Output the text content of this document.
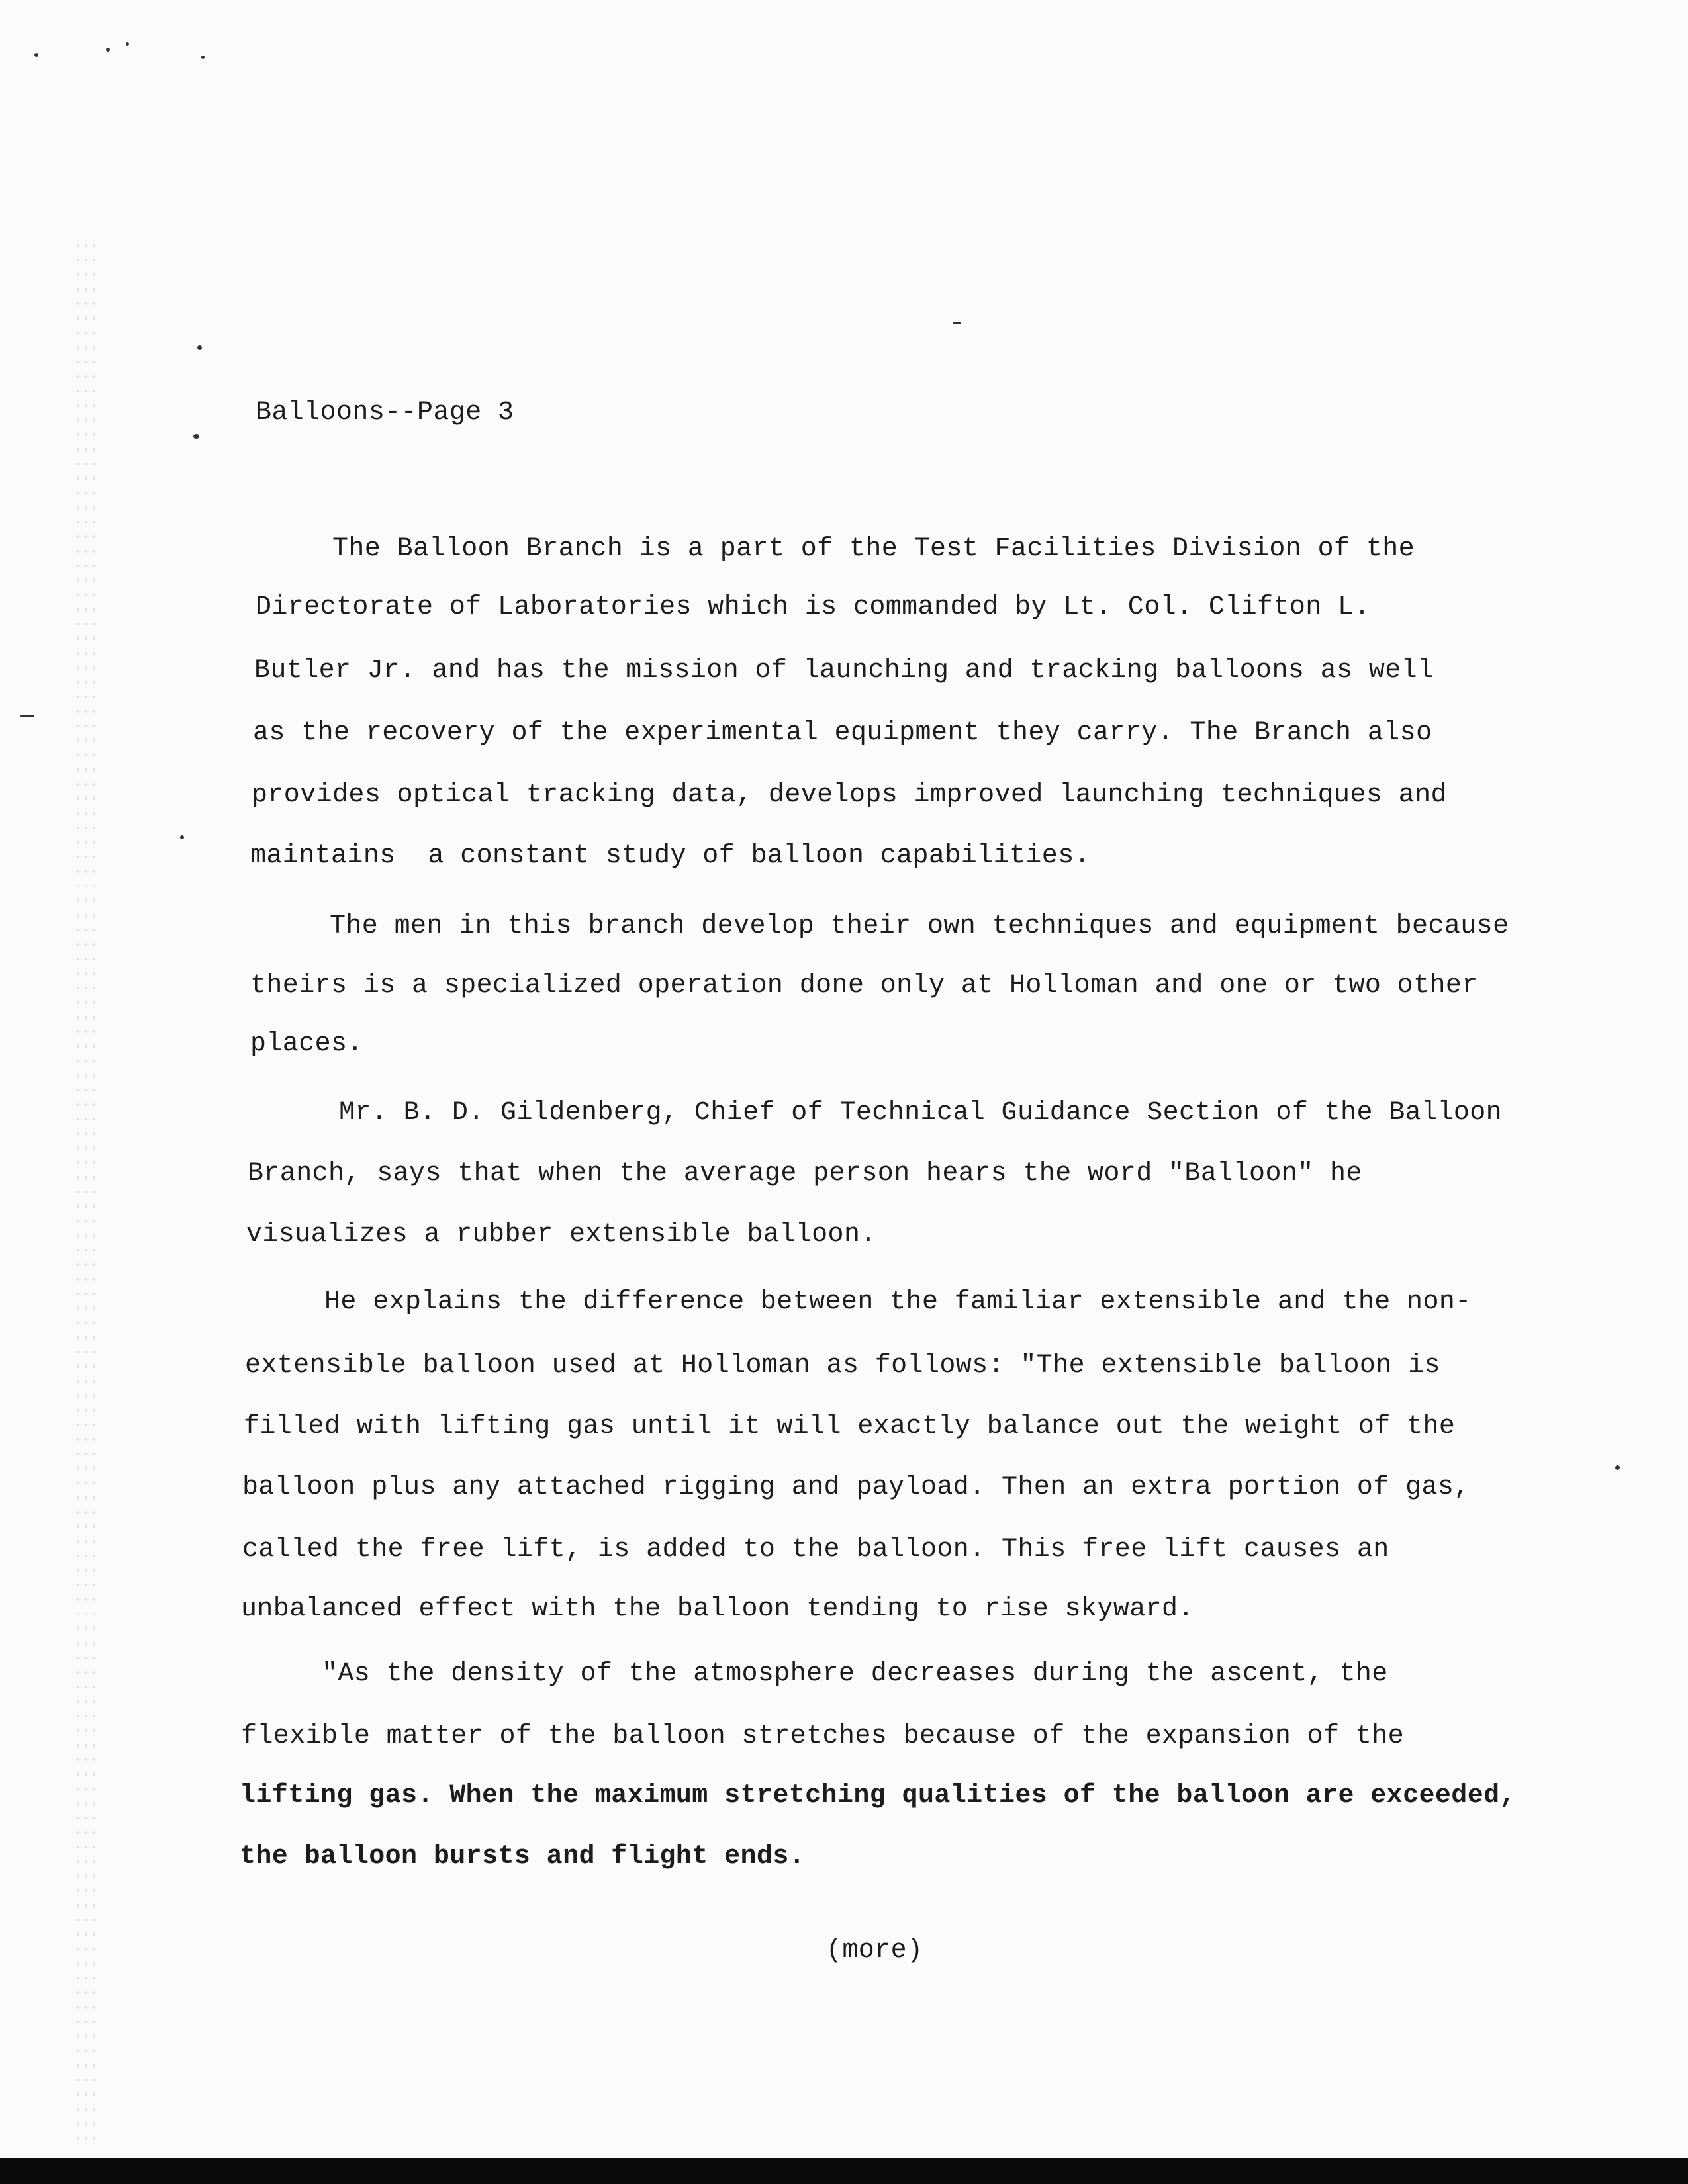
Balloons--Page 3
The Balloon Branch is a part of the Test Facilities Division of the
Directorate of Laboratories which is commanded by Lt. Col. Clifton L.
Butler Jr. and has the mission of launching and tracking balloons as well
as the recovery of the experimental equipment they carry. The Branch also
provides optical tracking data, develops improved launching techniques and
maintains  a constant study of balloon capabilities.
The men in this branch develop their own techniques and equipment because
theirs is a specialized operation done only at Holloman and one or two other
places.
Mr. B. D. Gildenberg, Chief of Technical Guidance Section of the Balloon
Branch, says that when the average person hears the word "Balloon" he
visualizes a rubber extensible balloon.
He explains the difference between the familiar extensible and the non-
extensible balloon used at Holloman as follows: "The extensible balloon is
filled with lifting gas until it will exactly balance out the weight of the
balloon plus any attached rigging and payload. Then an extra portion of gas,
called the free lift, is added to the balloon. This free lift causes an
unbalanced effect with the balloon tending to rise skyward.
"As the density of the atmosphere decreases during the ascent, the
flexible matter of the balloon stretches because of the expansion of the
lifting gas. When the maximum stretching qualities of the balloon are exceeded,
the balloon bursts and flight ends.
(more)
